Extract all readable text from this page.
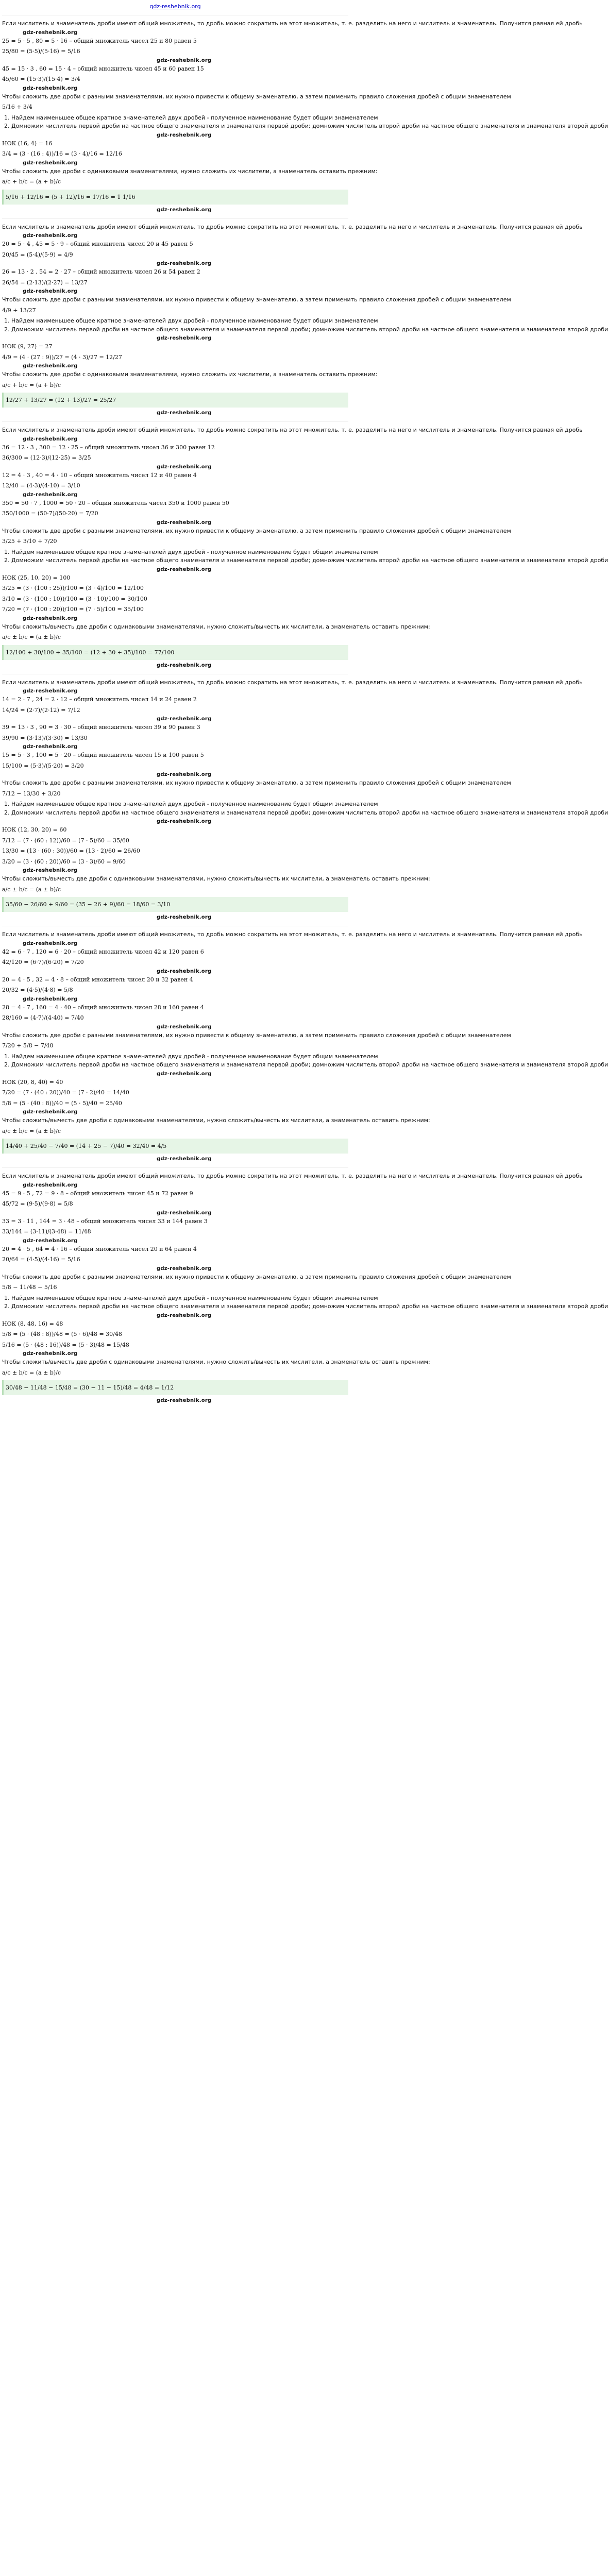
gdz-reshebnik.org
Если числитель и знаменатель дроби имеют общий множитель, то дробь можно сократить на этот множитель, т. е. разделить на него и числитель и знаменатель. Получится равная ей дробь
gdz-reshebnik.org
25 = 5 · 5 , 80 = 5 · 16 – общий множитель чисел 25 и 80 равен 5
25/80 = (5·5)/(5·16) = 5/16
gdz-reshebnik.org
45 = 15 · 3 , 60 = 15 · 4 – общий множитель чисел 45 и 60 равен 15
45/60 = (15·3)/(15·4) = 3/4
gdz-reshebnik.org
Чтобы сложить две дроби с разными знаменателями, их нужно привести к общему знаменателю, а затем применить правило сложения дробей с общим знаменателем
5/16 + 3/4
1. Найдем наименьшее общее кратное знаменателей двух дробей - полученное наименование будет общим знаменателем
2. Домножим числитель первой дроби на частное общего знаменателя и знаменателя первой дроби; домножим числитель второй дроби на частное общего знаменателя и знаменателя второй дроби
gdz-reshebnik.org
НОК (16, 4) = 16
3/4 = (3 · (16 : 4))/16 = (3 · 4)/16 = 12/16
gdz-reshebnik.org
Чтобы сложить две дроби с одинаковыми знаменателями, нужно сложить их числители, а знаменатель оставить прежним:
a/c + b/c = (a + b)/c
5/16 + 12/16 = (5 + 12)/16 = 17/16 = 1 1/16
gdz-reshebnik.org
Если числитель и знаменатель дроби имеют общий множитель, то дробь можно сократить на этот множитель, т. е. разделить на него и числитель и знаменатель. Получится равная ей дробь
gdz-reshebnik.org
20 = 5 · 4 , 45 = 5 · 9 – общий множитель чисел 20 и 45 равен 5
20/45 = (5·4)/(5·9) = 4/9
gdz-reshebnik.org
26 = 13 · 2 , 54 = 2 · 27 – общий множитель чисел 26 и 54 равен 2
26/54 = (2·13)/(2·27) = 13/27
gdz-reshebnik.org
Чтобы сложить две дроби с разными знаменателями, их нужно привести к общему знаменателю, а затем применить правило сложения дробей с общим знаменателем
4/9 + 13/27
1. Найдем наименьшее общее кратное знаменателей двух дробей - полученное наименование будет общим знаменателем
2. Домножим числитель первой дроби на частное общего знаменателя и знаменателя первой дроби; домножим числитель второй дроби на частное общего знаменателя и знаменателя второй дроби
gdz-reshebnik.org
НОК (9, 27) = 27
4/9 = (4 · (27 : 9))/27 = (4 · 3)/27 = 12/27
gdz-reshebnik.org
Чтобы сложить две дроби с одинаковыми знаменателями, нужно сложить их числители, а знаменатель оставить прежним:
a/c + b/c = (a + b)/c
12/27 + 13/27 = (12 + 13)/27 = 25/27
gdz-reshebnik.org
Если числитель и знаменатель дроби имеют общий множитель, то дробь можно сократить на этот множитель, т. е. разделить на него и числитель и знаменатель. Получится равная ей дробь
gdz-reshebnik.org
36 = 12 · 3 , 300 = 12 · 25 – общий множитель чисел 36 и 300 равен 12
36/300 = (12·3)/(12·25) = 3/25
gdz-reshebnik.org
12 = 4 · 3 , 40 = 4 · 10 – общий множитель чисел 12 и 40 равен 4
12/40 = (4·3)/(4·10) = 3/10
gdz-reshebnik.org
350 = 50 · 7 , 1000 = 50 · 20 – общий множитель чисел 350 и 1000 равен 50
350/1000 = (50·7)/(50·20) = 7/20
gdz-reshebnik.org
Чтобы сложить две дроби с разными знаменателями, их нужно привести к общему знаменателю, а затем применить правило сложения дробей с общим знаменателем
3/25 + 3/10 + 7/20
1. Найдем наименьшее общее кратное знаменателей двух дробей - полученное наименование будет общим знаменателем
2. Домножим числитель первой дроби на частное общего знаменателя и знаменателя первой дроби; домножим числитель второй дроби на частное общего знаменателя и знаменателя второй дроби
gdz-reshebnik.org
НОК (25, 10, 20) = 100
3/25 = (3 · (100 : 25))/100 = (3 · 4)/100 = 12/100
3/10 = (3 · (100 : 10))/100 = (3 · 10)/100 = 30/100
7/20 = (7 · (100 : 20))/100 = (7 · 5)/100 = 35/100
gdz-reshebnik.org
Чтобы сложить/вычесть две дроби с одинаковыми знаменателями, нужно сложить/вычесть их числители, а знаменатель оставить прежним:
a/c ± b/c = (a ± b)/c
12/100 + 30/100 + 35/100 = (12 + 30 + 35)/100 = 77/100
gdz-reshebnik.org
Если числитель и знаменатель дроби имеют общий множитель, то дробь можно сократить на этот множитель, т. е. разделить на него и числитель и знаменатель. Получится равная ей дробь
gdz-reshebnik.org
14 = 2 · 7 , 24 = 2 · 12 – общий множитель чисел 14 и 24 равен 2
14/24 = (2·7)/(2·12) = 7/12
gdz-reshebnik.org
39 = 13 · 3 , 90 = 3 · 30 – общий множитель чисел 39 и 90 равен 3
39/90 = (3·13)/(3·30) = 13/30
gdz-reshebnik.org
15 = 5 · 3 , 100 = 5 · 20 – общий множитель чисел 15 и 100 равен 5
15/100 = (5·3)/(5·20) = 3/20
gdz-reshebnik.org
Чтобы сложить две дроби с разными знаменателями, их нужно привести к общему знаменателю, а затем применить правило сложения дробей с общим знаменателем
7/12 − 13/30 + 3/20
1. Найдем наименьшее общее кратное знаменателей двух дробей - полученное наименование будет общим знаменателем
2. Домножим числитель первой дроби на частное общего знаменателя и знаменателя первой дроби; домножим числитель второй дроби на частное общего знаменателя и знаменателя второй дроби
gdz-reshebnik.org
НОК (12, 30, 20) = 60
7/12 = (7 · (60 : 12))/60 = (7 · 5)/60 = 35/60
13/30 = (13 · (60 : 30))/60 = (13 · 2)/60 = 26/60
3/20 = (3 · (60 : 20))/60 = (3 · 3)/60 = 9/60
gdz-reshebnik.org
Чтобы сложить/вычесть две дроби с одинаковыми знаменателями, нужно сложить/вычесть их числители, а знаменатель оставить прежним:
a/c ± b/c = (a ± b)/c
35/60 − 26/60 + 9/60 = (35 − 26 + 9)/60 = 18/60 = 3/10
gdz-reshebnik.org
Если числитель и знаменатель дроби имеют общий множитель, то дробь можно сократить на этот множитель, т. е. разделить на него и числитель и знаменатель. Получится равная ей дробь
gdz-reshebnik.org
42 = 6 · 7 , 120 = 6 · 20 – общий множитель чисел 42 и 120 равен 6
42/120 = (6·7)/(6·20) = 7/20
gdz-reshebnik.org
20 = 4 · 5 , 32 = 4 · 8 – общий множитель чисел 20 и 32 равен 4
20/32 = (4·5)/(4·8) = 5/8
gdz-reshebnik.org
28 = 4 · 7 , 160 = 4 · 40 – общий множитель чисел 28 и 160 равен 4
28/160 = (4·7)/(4·40) = 7/40
gdz-reshebnik.org
Чтобы сложить две дроби с разными знаменателями, их нужно привести к общему знаменателю, а затем применить правило сложения дробей с общим знаменателем
7/20 + 5/8 − 7/40
1. Найдем наименьшее общее кратное знаменателей двух дробей - полученное наименование будет общим знаменателем
2. Домножим числитель первой дроби на частное общего знаменателя и знаменателя первой дроби; домножим числитель второй дроби на частное общего знаменателя и знаменателя второй дроби
gdz-reshebnik.org
НОК (20, 8, 40) = 40
7/20 = (7 · (40 : 20))/40 = (7 · 2)/40 = 14/40
5/8 = (5 · (40 : 8))/40 = (5 · 5)/40 = 25/40
gdz-reshebnik.org
Чтобы сложить/вычесть две дроби с одинаковыми знаменателями, нужно сложить/вычесть их числители, а знаменатель оставить прежним:
a/c ± b/c = (a ± b)/c
14/40 + 25/40 − 7/40 = (14 + 25 − 7)/40 = 32/40 = 4/5
gdz-reshebnik.org
Если числитель и знаменатель дроби имеют общий множитель, то дробь можно сократить на этот множитель, т. е. разделить на него и числитель и знаменатель. Получится равная ей дробь
gdz-reshebnik.org
45 = 9 · 5 , 72 = 9 · 8 – общий множитель чисел 45 и 72 равен 9
45/72 = (9·5)/(9·8) = 5/8
gdz-reshebnik.org
33 = 3 · 11 , 144 = 3 · 48 – общий множитель чисел 33 и 144 равен 3
33/144 = (3·11)/(3·48) = 11/48
gdz-reshebnik.org
20 = 4 · 5 , 64 = 4 · 16 – общий множитель чисел 20 и 64 равен 4
20/64 = (4·5)/(4·16) = 5/16
gdz-reshebnik.org
Чтобы сложить две дроби с разными знаменателями, их нужно привести к общему знаменателю, а затем применить правило сложения дробей с общим знаменателем
5/8 − 11/48 − 5/16
1. Найдем наименьшее общее кратное знаменателей двух дробей - полученное наименование будет общим знаменателем
2. Домножим числитель первой дроби на частное общего знаменателя и знаменателя первой дроби; домножим числитель второй дроби на частное общего знаменателя и знаменателя второй дроби
gdz-reshebnik.org
НОК (8, 48, 16) = 48
5/8 = (5 · (48 : 8))/48 = (5 · 6)/48 = 30/48
5/16 = (5 · (48 : 16))/48 = (5 · 3)/48 = 15/48
gdz-reshebnik.org
Чтобы сложить/вычесть две дроби с одинаковыми знаменателями, нужно сложить/вычесть их числители, а знаменатель оставить прежним:
a/c ± b/c = (a ± b)/c
30/48 − 11/48 − 15/48 = (30 − 11 − 15)/48 = 4/48 = 1/12
gdz-reshebnik.org
